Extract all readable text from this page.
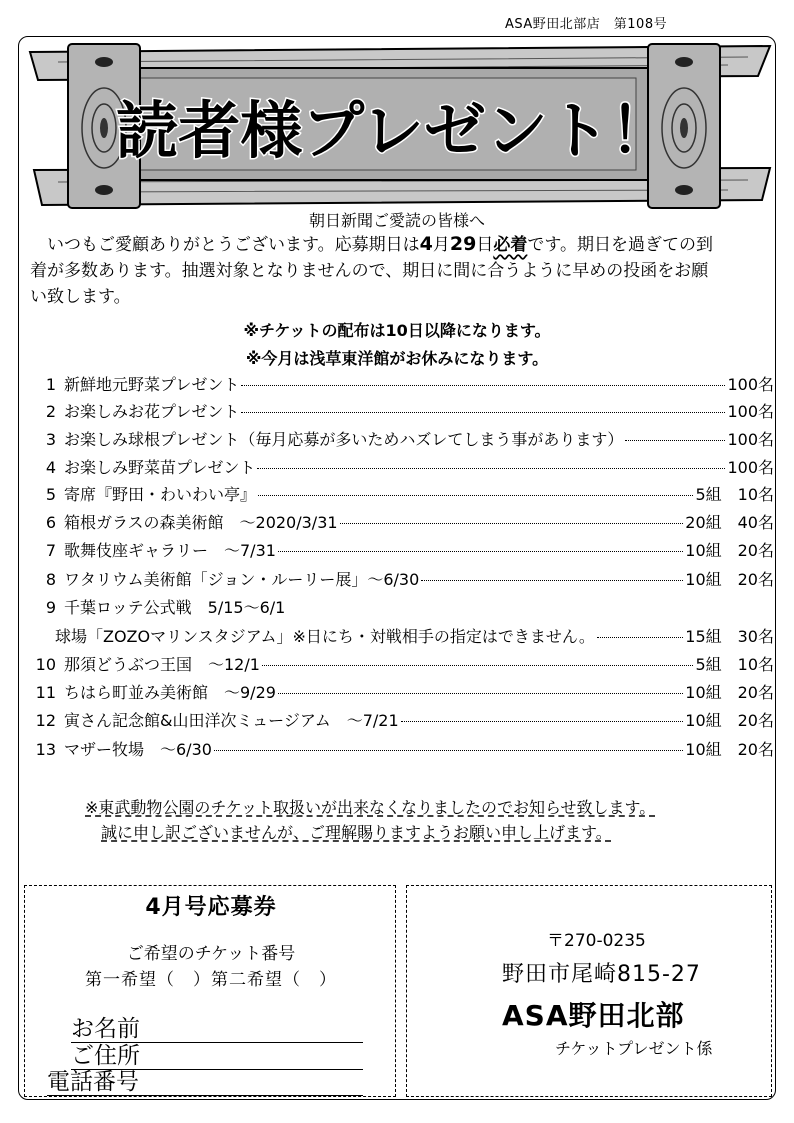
ASA野田北部店　第108号
読者様プレゼント！
朝日新聞ご愛読の皆様へ

　いつもご愛顧ありがとうございます。応募期日は4月29日必着です。期日を過ぎての到

着が多数あります。抽選対象となりませんので、期日に間に合うように早めの投函をお願

い致します。

※チケットの配布は10日以降になります。
※今月は浅草東洋館がお休みになります。
1 新鮮地元野菜プレゼント	100名
2 お楽しみお花プレゼント	100名
3 お楽しみ球根プレゼント（毎月応募が多いためハズレてしまう事があります）	100名
4 お楽しみ野菜苗プレゼント	100名
5 寄席『野田・わいわい亭』	5組　10名
6 箱根ガラスの森美術館　～2020/3/31	20組　40名
7 歌舞伎座ギャラリー　～7/31	10組　20名
8 ワタリウム美術館「ジョン・ルーリー展」～6/30	10組　20名
9 千葉ロッテ公式戦　5/15～6/1
球場「ZOZOマリンスタジアム」※日にち・対戦相手の指定はできません。	15組　30名
10 那須どうぶつ王国　～12/1	5組　10名
11 ちはら町並み美術館　～9/29	10組　20名
12 寅さん記念館&山田洋次ミュージアム　～7/21	10組　20名
13 マザー牧場　～6/30	10組　20名
※東武動物公園のチケット取扱いが出来なくなりましたのでお知らせ致します。
誠に申し訳ございませんが、ご理解賜りますようお願い申し上げます。
4月号応募券
ご希望のチケット番号
第一希望（　）第二希望（　）
お名前
ご住所
電話番号
〒270-0235
野田市尾崎815-27
ASA野田北部
チケットプレゼント係
